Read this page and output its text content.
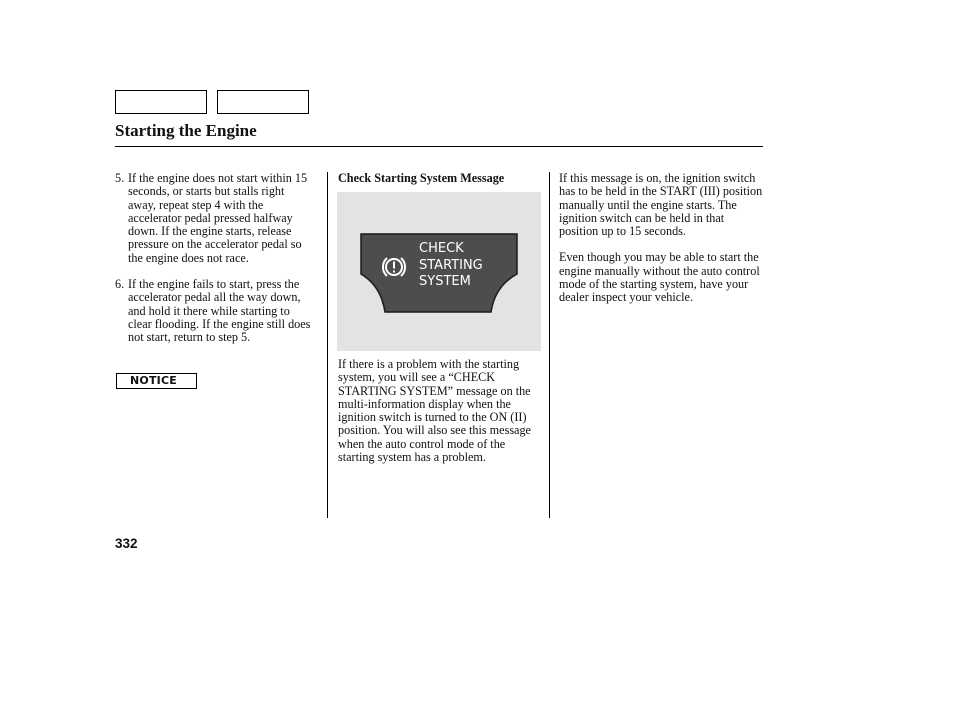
Starting the Engine
5. If the engine does not start within 15 seconds, or starts but stalls right away, repeat step 4 with the accelerator pedal pressed halfway down. If the engine starts, release pressure on the accelerator pedal so the engine does not race.

6. If the engine fails to start, press the accelerator pedal all the way down, and hold it there while starting to clear flooding. If the engine still does not start, return to step 5.

NOTICE

Check Starting System Message

CHECK
STARTING
SYSTEM

If there is a problem with the starting system, you will see a “CHECK STARTING SYSTEM” message on the multi-information display when the ignition switch is turned to the ON (II) position. You will also see this message when the auto control mode of the starting system has a problem.

If this message is on, the ignition switch has to be held in the START (III) position manually until the engine starts. The ignition switch can be held in that position up to 15 seconds.

Even though you may be able to start the engine manually without the auto control mode of the starting system, have your dealer inspect your vehicle.

332
